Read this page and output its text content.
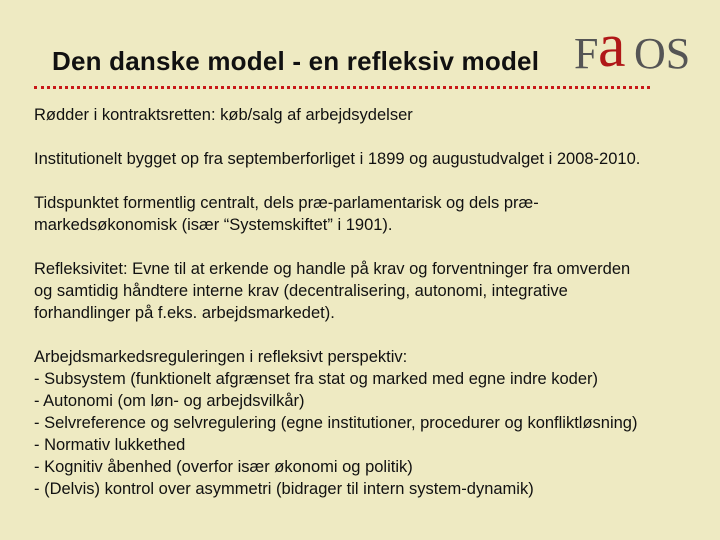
F a OS
Den danske model - en refleksiv model

Rødder i kontraktsretten: køb/salg af arbejdsydelser

Institutionelt bygget op fra septemberforliget i 1899 og augustudvalget i 2008-2010.

Tidspunktet formentlig centralt, dels præ-parlamentarisk og dels præ-
markedsøkonomisk (især “Systemskiftet” i 1901).

Refleksivitet: Evne til at erkende og handle på krav og forventninger fra omverden
og samtidig håndtere interne krav (decentralisering, autonomi, integrative
forhandlinger på f.eks. arbejdsmarkedet).

Arbejdsmarkedsreguleringen i refleksivt perspektiv:
- Subsystem (funktionelt afgrænset fra stat og marked med egne indre koder)
- Autonomi (om løn- og arbejdsvilkår)
- Selvreference og selvregulering (egne institutioner, procedurer og konfliktløsning)
- Normativ lukkethed
- Kognitiv åbenhed (overfor især økonomi og politik)
- (Delvis) kontrol over asymmetri (bidrager til intern system-dynamik)
